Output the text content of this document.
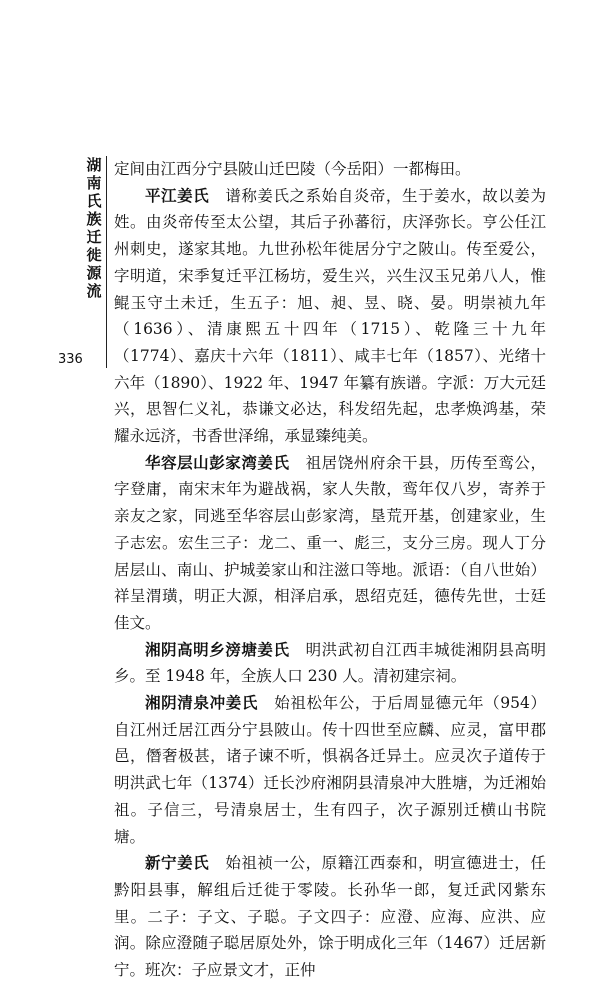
湖
南
氏
族
迁
徙
源
流
336

定间由江西分宁县陂山迁巴陵（今岳阳）一都梅田。

平江姜氏　 谱称姜氏之系始自炎帝，生于姜水，故以姜为姓。由炎帝传至太公望，其后子孙蕃衍，庆泽弥长。亨公任江州刺史，遂家其地。九世孙松年徙居分宁之陂山。传至爱公，字明道，宋季复迁平江杨坊，爱生兴，兴生汉玉兄弟八人，惟鲲玉守土未迁，生五子：旭、昶、昱、晓、晏。明崇祯九年（1636）、清康熙五十四年（1715）、乾隆三十九年（1774）、嘉庆十六年（1811）、咸丰七年（1857）、光绪十六年（1890）、1922 年、1947 年纂有族谱。字派：万大元廷兴，思智仁义礼，恭谦文必达，科发绍先起，忠孝焕鸿基，荣耀永远济，书香世泽绵，承显臻纯美。

华容层山彭家湾姜氏　 祖居饶州府余干县，历传至鸾公，字登庸，南宋末年为避战祸，家人失散，鸾年仅八岁，寄养于亲友之家，同逃至华容层山彭家湾，垦荒开基，创建家业，生子志宏。宏生三子：龙二、重一、彪三，支分三房。现人丁分居层山、南山、护城姜家山和注滋口等地。派语：（自八世始）祥呈渭璜，明正大源，相泽启承，恩绍克廷，德传先世，士廷佳文。

湘阴高明乡滂塘姜氏　 明洪武初自江西丰城徙湘阴县高明乡。至 1948 年，全族人口 230 人。清初建宗祠。

湘阴清泉冲姜氏　 始祖松年公，于后周显德元年（954）自江州迁居江西分宁县陂山。传十四世至应麟、应灵，富甲郡邑，僭奢极甚，诸子谏不听，惧祸各迁异土。应灵次子道传于明洪武七年（1374）迁长沙府湘阴县清泉冲大胜塘，为迁湘始祖。子信三，号清泉居士，生有四子，次子源别迁横山书院塘。

新宁姜氏　 始祖祯一公，原籍江西泰和，明宣德进士，任黔阳县事，解组后迁徙于零陵。长孙华一郎，复迁武冈紫东里。二子：子文、子聪。子文四子：应澄、应海、应洪、应润。除应澄随子聪居原处外，馀于明成化三年（1467）迁居新宁。班次：子应景文才，正仲
